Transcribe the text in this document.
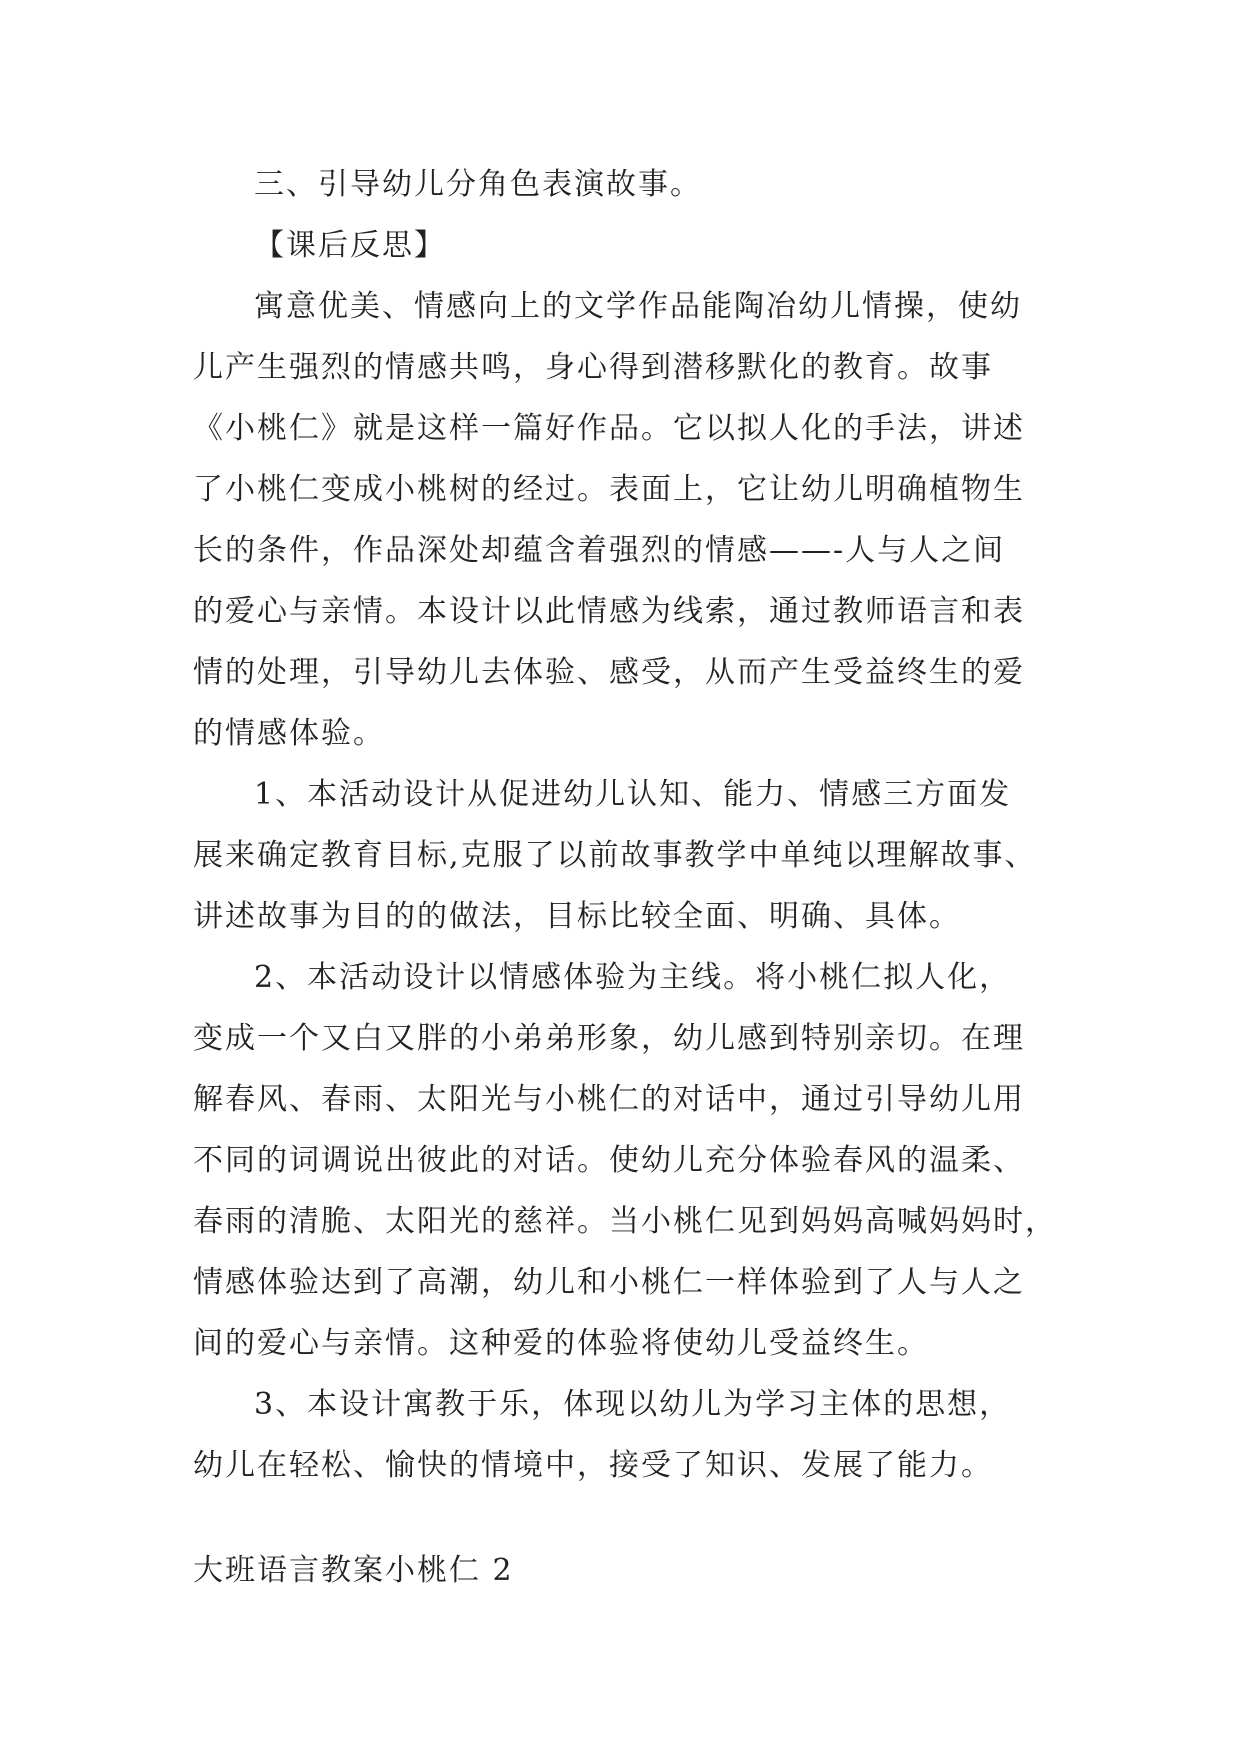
三、引导幼儿分角色表演故事。
【课后反思】
寓意优美、情感向上的文学作品能陶冶幼儿情操，使幼
儿产生强烈的情感共鸣，身心得到潜移默化的教育。故事
《小桃仁》就是这样一篇好作品。它以拟人化的手法，讲述
了小桃仁变成小桃树的经过。表面上，它让幼儿明确植物生
长的条件，作品深处却蕴含着强烈的情感——-人与人之间
的爱心与亲情。本设计以此情感为线索，通过教师语言和表
情的处理，引导幼儿去体验、感受，从而产生受益终生的爱
的情感体验。
1、本活动设计从促进幼儿认知、能力、情感三方面发
展来确定教育目标,克服了以前故事教学中单纯以理解故事、
讲述故事为目的的做法，目标比较全面、明确、具体。
2、本活动设计以情感体验为主线。将小桃仁拟人化，
变成一个又白又胖的小弟弟形象，幼儿感到特别亲切。在理
解春风、春雨、太阳光与小桃仁的对话中，通过引导幼儿用
不同的词调说出彼此的对话。使幼儿充分体验春风的温柔、
春雨的清脆、太阳光的慈祥。当小桃仁见到妈妈高喊妈妈时，
情感体验达到了高潮，幼儿和小桃仁一样体验到了人与人之
间的爱心与亲情。这种爱的体验将使幼儿受益终生。
3、本设计寓教于乐，体现以幼儿为学习主体的思想，
幼儿在轻松、愉快的情境中，接受了知识、发展了能力。
大班语言教案小桃仁 2
